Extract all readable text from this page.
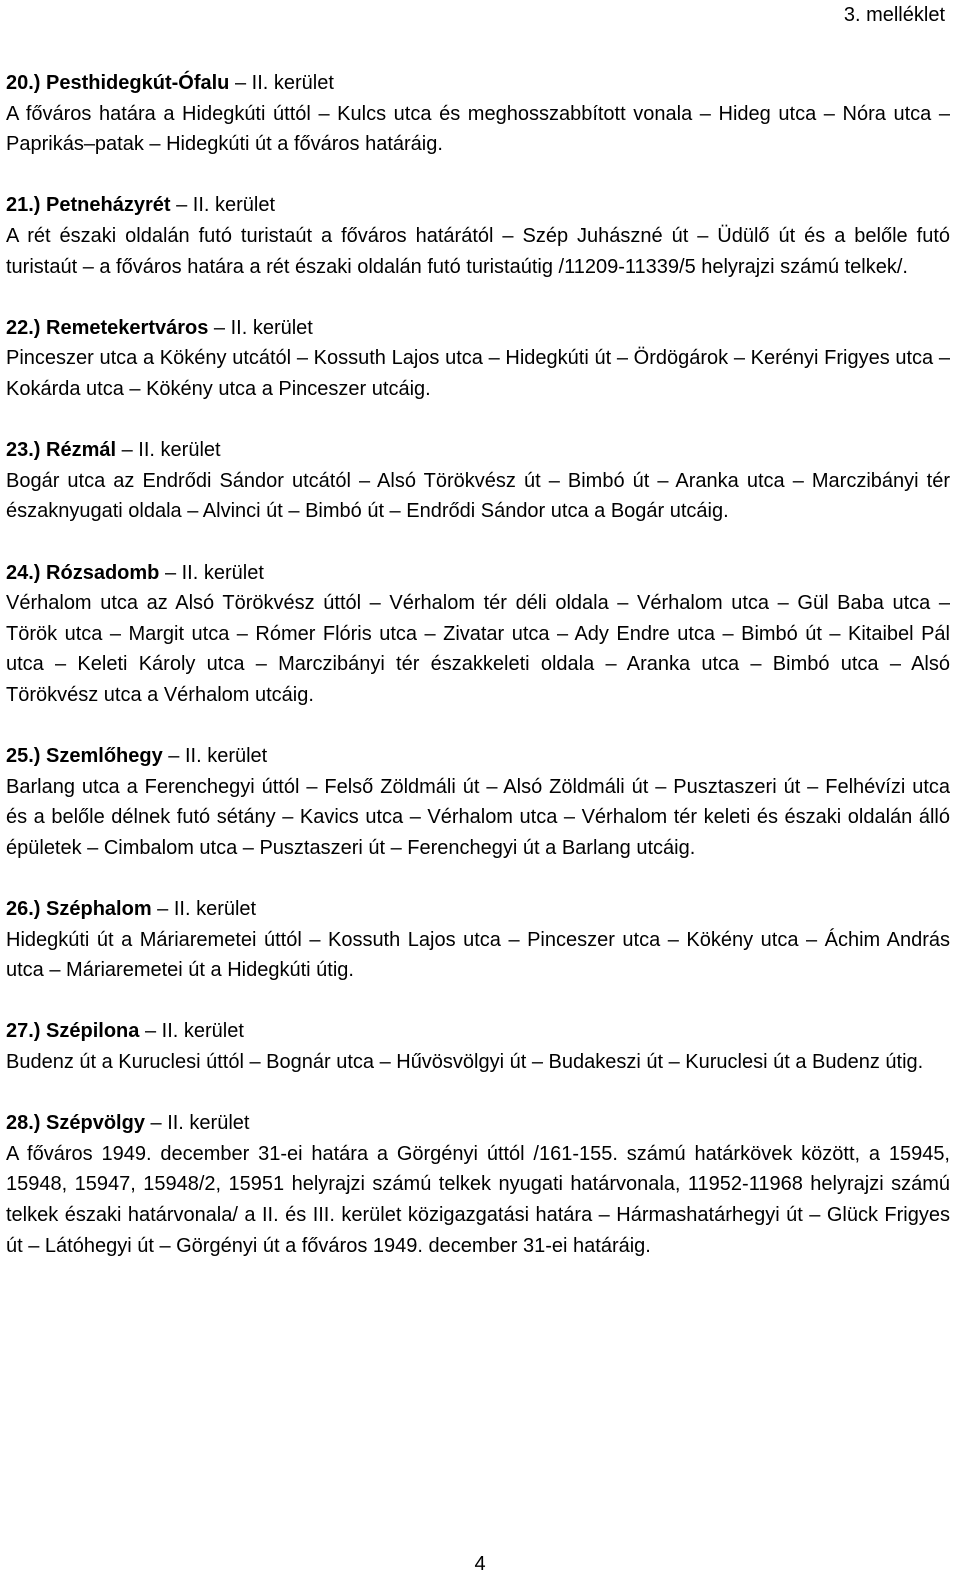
3. melléklet

20.) Pesthidegkút-Ófalu – II. kerület

A főváros határa a Hidegkúti úttól – Kulcs utca és meghosszabbított vonala – Hideg utca – Nóra utca – Paprikás–patak – Hidegkúti út a főváros határáig.

21.) Petneházyrét – II. kerület

A rét északi oldalán futó turistaút a főváros határától – Szép Juhászné út – Üdülő út és a belőle futó turistaút – a főváros határa a rét északi oldalán futó turistaútig /11209-11339/5 helyrajzi számú telkek/.

22.) Remetekertváros – II. kerület

Pinceszer utca a Kökény utcától – Kossuth Lajos utca – Hidegkúti út – Ördögárok – Kerényi Frigyes utca – Kokárda utca – Kökény utca a Pinceszer utcáig.

23.) Rézmál – II. kerület

Bogár utca az Endrődi Sándor utcától – Alsó Törökvész út – Bimbó út – Aranka utca – Marczibányi tér északnyugati oldala – Alvinci út – Bimbó út – Endrődi Sándor utca a Bogár utcáig.

24.) Rózsadomb – II. kerület

Vérhalom utca az Alsó Törökvész úttól – Vérhalom tér déli oldala – Vérhalom utca – Gül Baba utca – Török utca – Margit utca – Rómer Flóris utca – Zivatar utca – Ady Endre utca – Bimbó út – Kitaibel Pál utca – Keleti Károly utca – Marczibányi tér északkeleti oldala – Aranka utca – Bimbó utca – Alsó Törökvész utca a Vérhalom utcáig.

25.) Szemlőhegy – II. kerület

Barlang utca a Ferenchegyi úttól – Felső Zöldmáli út – Alsó Zöldmáli út – Pusztaszeri út – Felhévízi utca és a belőle délnek futó sétány – Kavics utca – Vérhalom utca – Vérhalom tér keleti és északi oldalán álló épületek – Cimbalom utca – Pusztaszeri út – Ferenchegyi út a Barlang utcáig.

26.) Széphalom – II. kerület

Hidegkúti út a Máriaremetei úttól – Kossuth Lajos utca – Pinceszer utca – Kökény utca – Áchim András utca – Máriaremetei út a Hidegkúti útig.

27.) Szépilona – II. kerület

Budenz út a Kuruclesi úttól – Bognár utca – Hűvösvölgyi út – Budakeszi út – Kuruclesi út a Budenz útig.

28.) Szépvölgy – II. kerület

A főváros 1949. december 31-ei határa a Görgényi úttól /161-155. számú határkövek között, a 15945, 15948, 15947, 15948/2, 15951 helyrajzi számú telkek nyugati határvonala, 11952-11968 helyrajzi számú telkek északi határvonala/ a II. és III. kerület közigazgatási határa – Hármashatárhegyi út – Glück Frigyes út – Látóhegyi út – Görgényi út a főváros 1949. december 31-ei határáig.

4
